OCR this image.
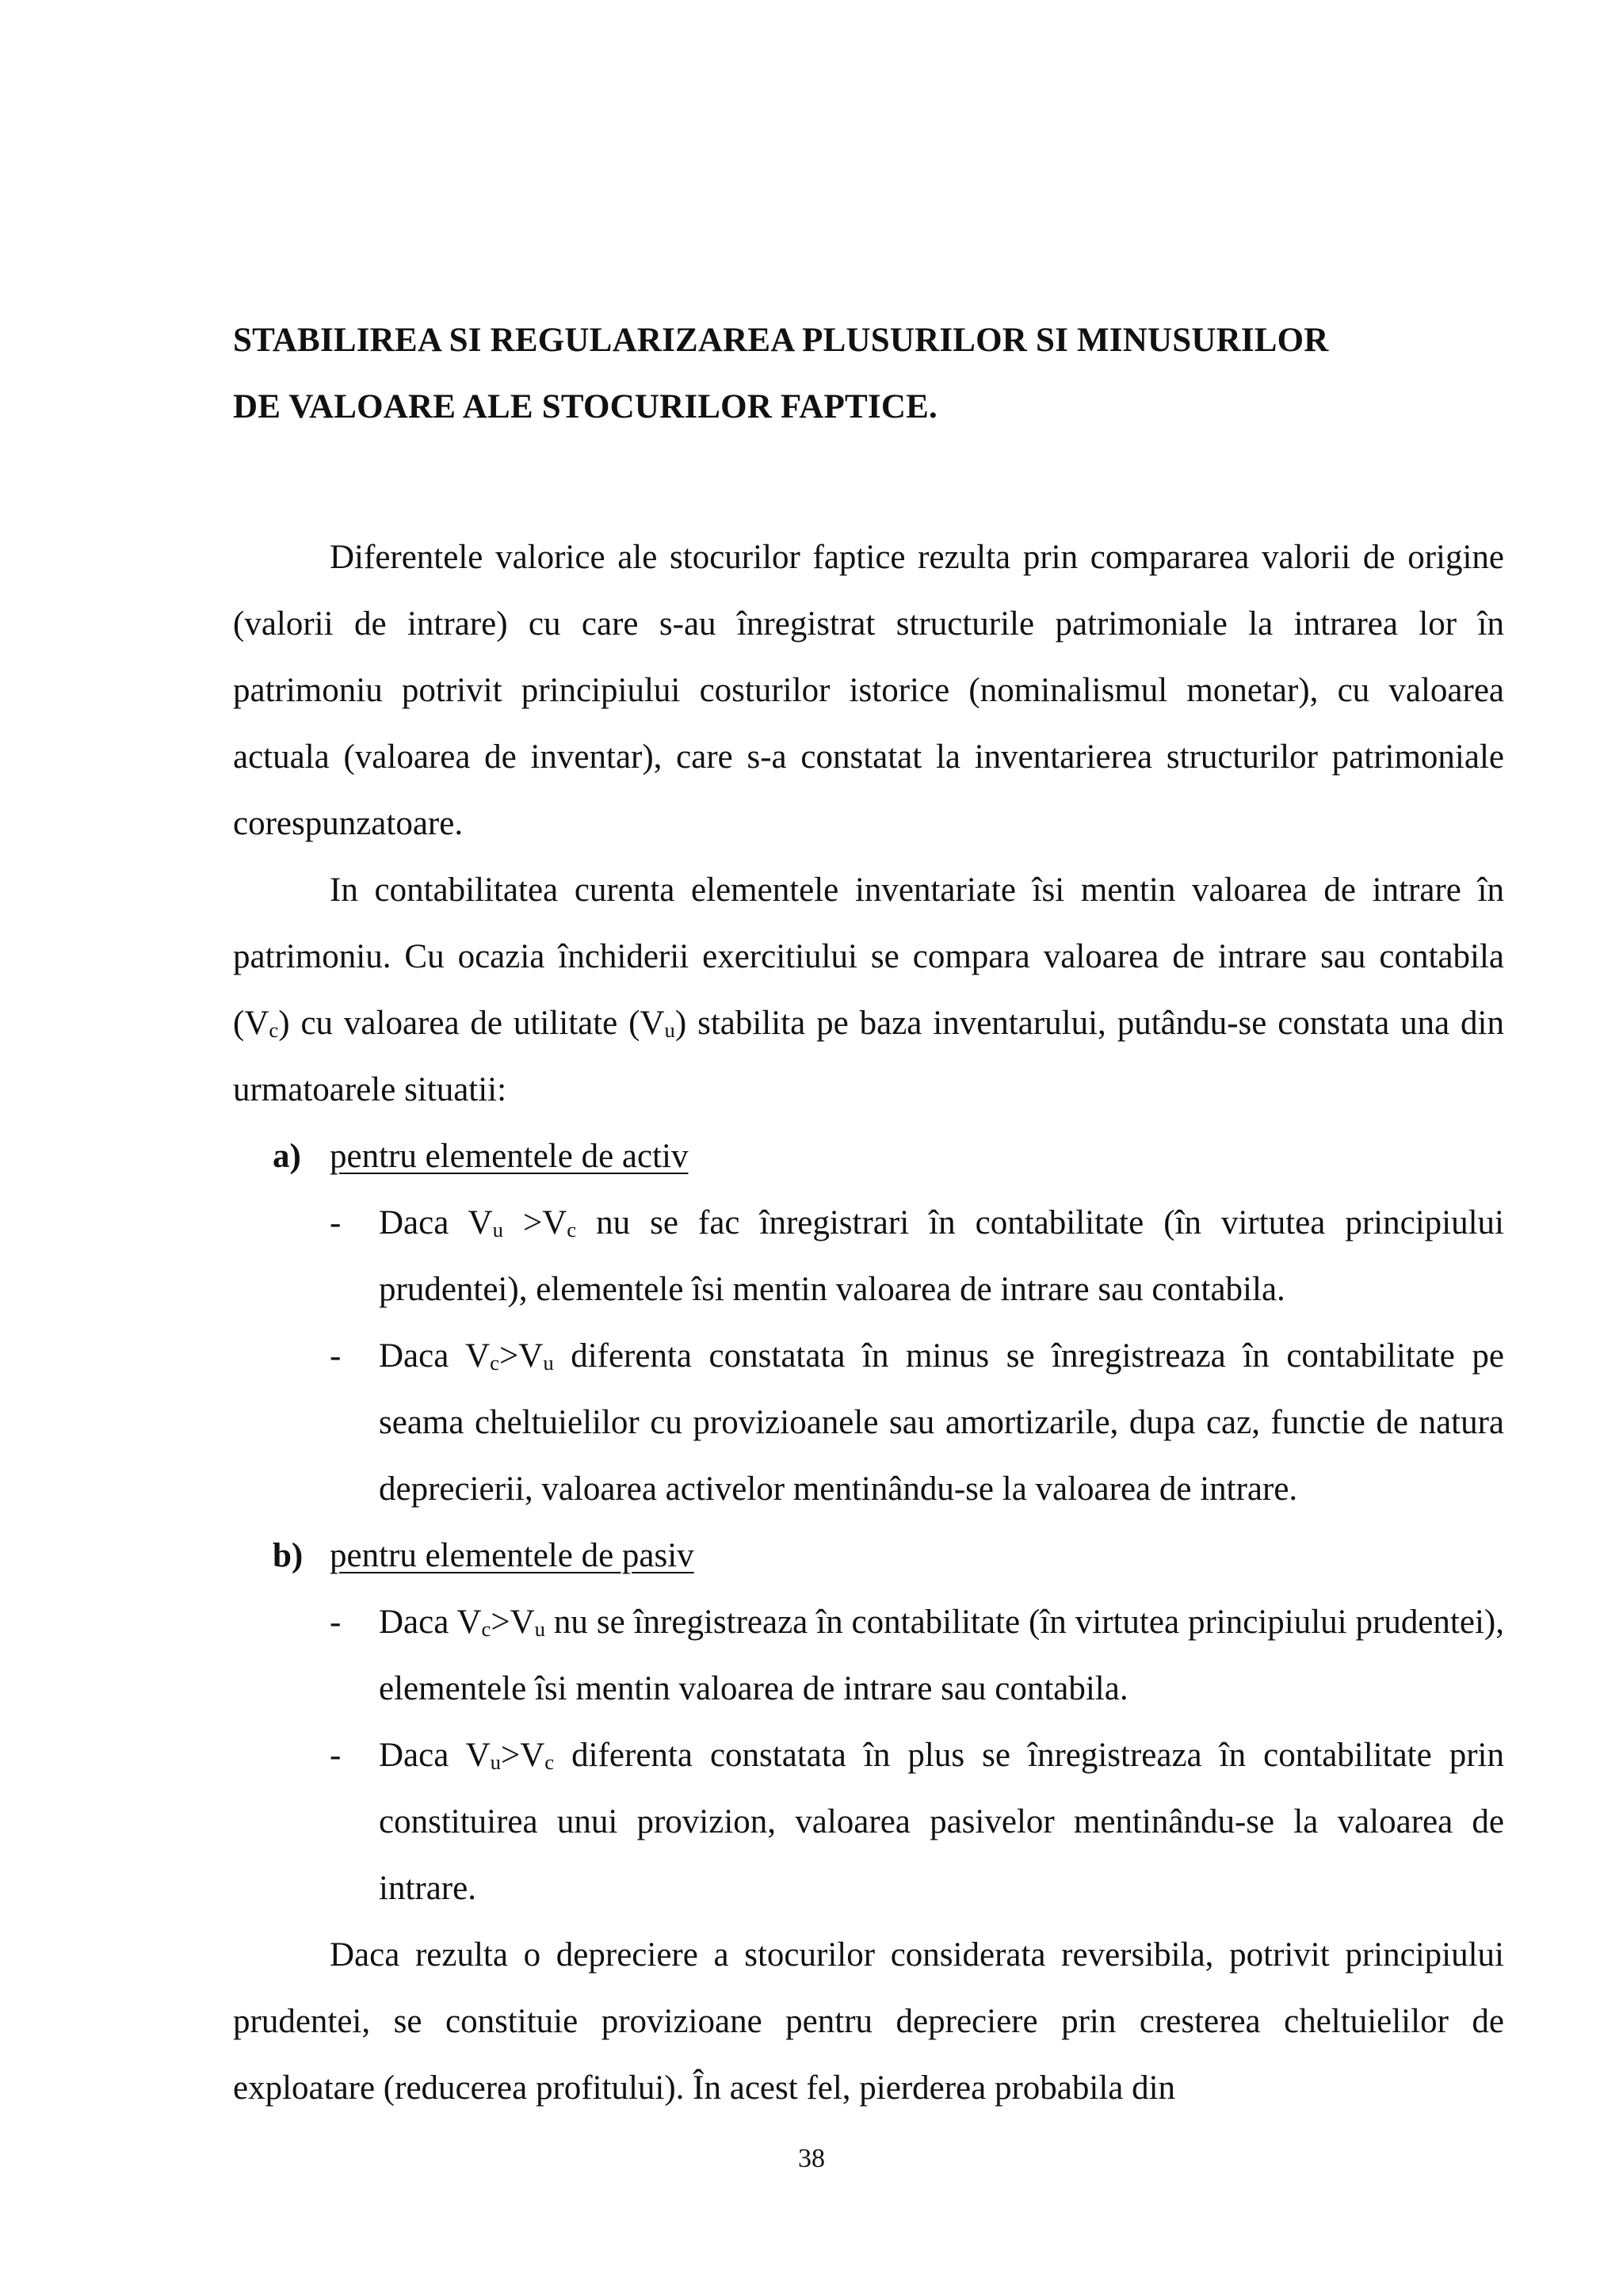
STABILIREA SI REGULARIZAREA PLUSURILOR SI MINUSURILOR
DE VALOARE ALE STOCURILOR FAPTICE.

Diferentele valorice ale stocurilor faptice rezulta prin compararea valorii de origine (valorii de intrare) cu care s-au înregistrat structurile patrimoniale la intrarea lor în patrimoniu potrivit principiului costurilor istorice (nominalismul monetar), cu valoarea actuala (valoarea de inventar), care s-a constatat la inventarierea structurilor patrimoniale corespunzatoare.

In contabilitatea curenta elementele inventariate îsi mentin valoarea de intrare în patrimoniu. Cu ocazia închiderii exercitiului se compara valoarea de intrare sau contabila (Vc) cu valoarea de utilitate (Vu) stabilita pe baza inventarului, putându-se constata una din urmatoarele situatii:

a) pentru elementele de activ

- Daca Vu >Vc nu se fac înregistrari în contabilitate (în virtutea principiului prudentei), elementele îsi mentin valoarea de intrare sau contabila.

- Daca Vc>Vu diferenta constatata în minus se înregistreaza în contabilitate pe seama cheltuielilor cu provizioanele sau amortizarile, dupa caz, functie de natura deprecierii, valoarea activelor mentinându-se la valoarea de intrare.

b) pentru elementele de pasiv

- Daca Vc>Vu nu se înregistreaza în contabilitate (în virtutea principiului prudentei), elementele îsi mentin valoarea de intrare sau contabila.

- Daca Vu>Vc diferenta constatata în plus se înregistreaza în contabilitate prin constituirea unui provizion, valoarea pasivelor mentinându-se la valoarea de intrare.

Daca rezulta o depreciere a stocurilor considerata reversibila, potrivit principiului prudentei, se constituie provizioane pentru depreciere prin cresterea cheltuielilor de exploatare (reducerea profitului). În acest fel, pierderea probabila din

38
